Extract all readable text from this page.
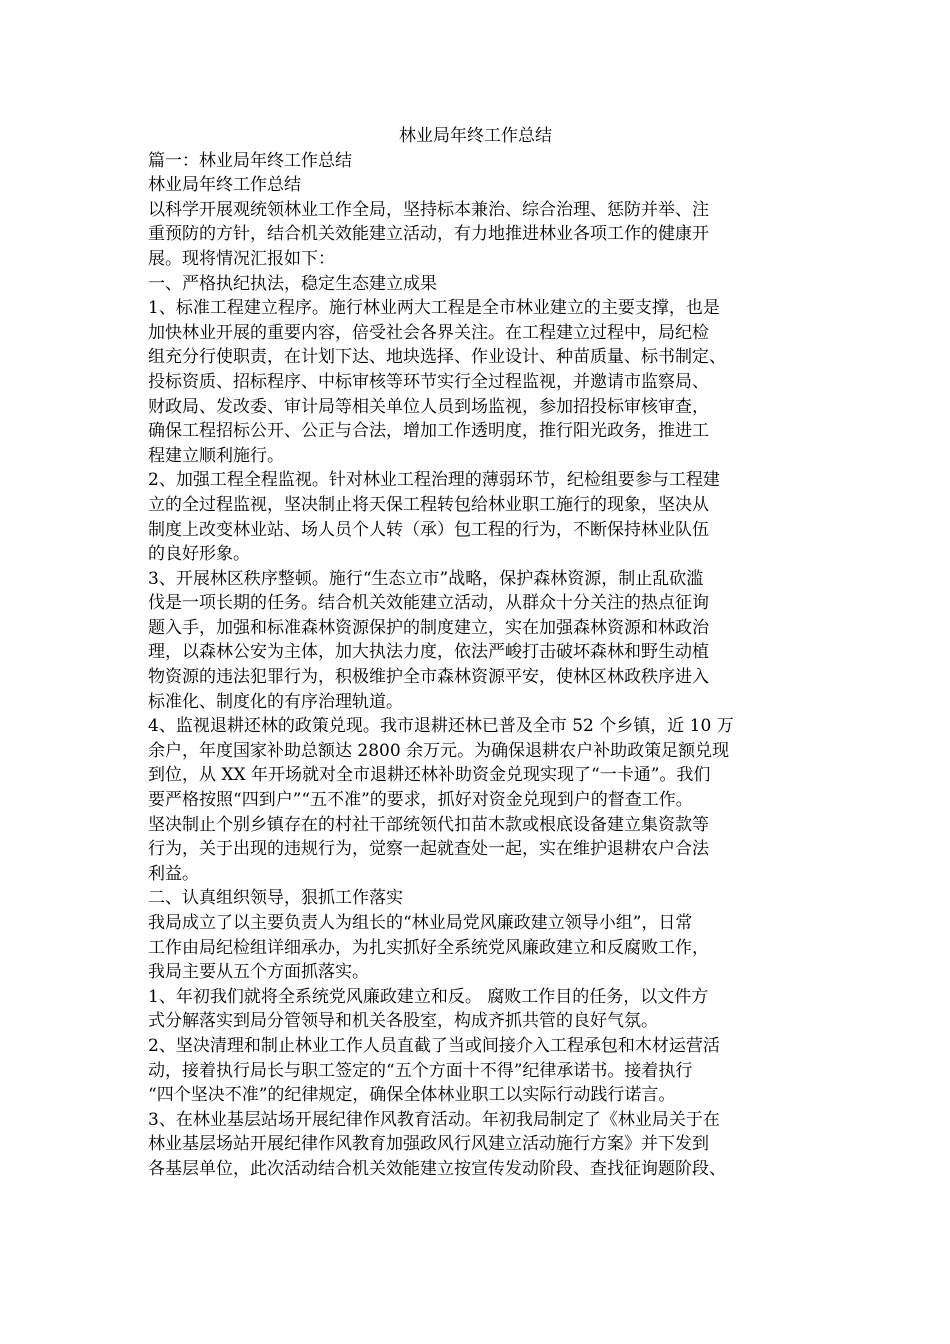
林业局年终工作总结
篇一：林业局年终工作总结
林业局年终工作总结
以科学开展观统领林业工作全局，坚持标本兼治、综合治理、惩防并举、注
重预防的方针，结合机关效能建立活动，有力地推进林业各项工作的健康开
展。现将情况汇报如下：
一、严格执纪执法，稳定生态建立成果
1、标准工程建立程序。施行林业两大工程是全市林业建立的主要支撑，也是
加快林业开展的重要内容，倍受社会各界关注。在工程建立过程中，局纪检
组充分行使职责，在计划下达、地块选择、作业设计、种苗质量、标书制定、
投标资质、招标程序、中标审核等环节实行全过程监视，并邀请市监察局、
财政局、发改委、审计局等相关单位人员到场监视，参加招投标审核审查，
确保工程招标公开、公正与合法，增加工作透明度，推行阳光政务，推进工
程建立顺利施行。
2、加强工程全程监视。针对林业工程治理的薄弱环节，纪检组要参与工程建
立的全过程监视，坚决制止将天保工程转包给林业职工施行的现象，坚决从
制度上改变林业站、场人员个人转（承）包工程的行为，不断保持林业队伍
的良好形象。
3、开展林区秩序整顿。施行“生态立市”战略，保护森林资源，制止乱砍滥
伐是一项长期的任务。结合机关效能建立活动，从群众十分关注的热点征询
题入手，加强和标准森林资源保护的制度建立，实在加强森林资源和林政治
理，以森林公安为主体，加大执法力度，依法严峻打击破坏森林和野生动植
物资源的违法犯罪行为，积极维护全市森林资源平安，使林区林政秩序进入
标准化、制度化的有序治理轨道。
4、监视退耕还林的政策兑现。我市退耕还林已普及全市 52 个乡镇，近 10 万
余户，年度国家补助总额达 2800 余万元。为确保退耕农户补助政策足额兑现
到位，从 XX 年开场就对全市退耕还林补助资金兑现实现了“一卡通”。我们
要严格按照“四到户”“五不准”的要求，抓好对资金兑现到户的督查工作。
坚决制止个别乡镇存在的村社干部统领代扣苗木款或根底设备建立集资款等
行为，关于出现的违规行为，觉察一起就查处一起，实在维护退耕农户合法
利益。
二、认真组织领导，狠抓工作落实
我局成立了以主要负责人为组长的“林业局党风廉政建立领导小组”，日常
工作由局纪检组详细承办，为扎实抓好全系统党风廉政建立和反腐败工作，
我局主要从五个方面抓落实。
1、年初我们就将全系统党风廉政建立和反。 腐败工作目的任务，以文件方
式分解落实到局分管领导和机关各股室，构成齐抓共管的良好气氛。
2、坚决清理和制止林业工作人员直截了当或间接介入工程承包和木材运营活
动，接着执行局长与职工签定的“五个方面十不得”纪律承诺书。接着执行
“四个坚决不准”的纪律规定，确保全体林业职工以实际行动践行诺言。
3、在林业基层站场开展纪律作风教育活动。年初我局制定了《林业局关于在
林业基层场站开展纪律作风教育加强政风行风建立活动施行方案》并下发到
各基层单位，此次活动结合机关效能建立按宣传发动阶段、查找征询题阶段、
